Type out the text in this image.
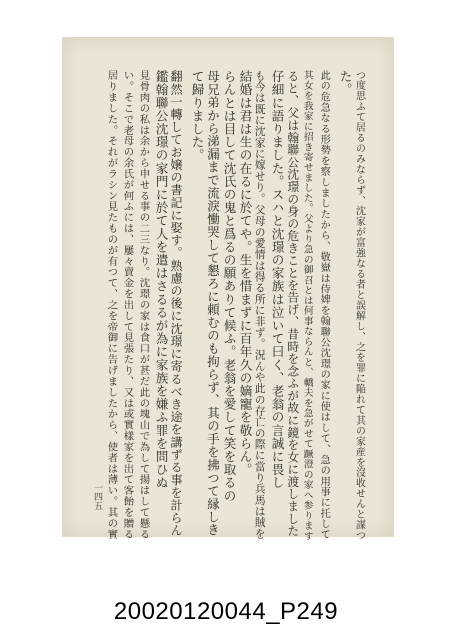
つ度思ふて居るのみならず、沈家が富強なる者と誤解し、之を罪に陥れて其の家産を沒收せんと謀つ
た。
此の危急なる形勢を察しましたから、敬嶽は侍婢を翰聯公沈璟の家に使はして、急の用事に托して
其女を我家に招き寄せました。父より急の御召とは何事ならんと、轎夫を急がせて蹶澄の家へ参ります
ると、父は翰聯公沈璟の身の危きことを告げ、昔時を念ふが故に鏡を女に渡しました
仔細に語りました。スハと沈璟の家族は泣いて曰く、老翁の言誠に畏し
も今は既に沈家に嫁せり。父母の愛情は得る所に非ず。況んや此の存亡の際に當り兵馬は賊を
結婚は君は生の在るに於てや。生を惜まずに百年久の嫡寵を敬らん。
らんとは目して沈氏の鬼と爲るの願ありて候ふ。老翁を愛して笑を取るの
母兄弟から涕漏まで流淚慟哭して懇ろに頼むのも拘らず、其の手を拂つて縁しき
て歸りました。
翻然一轉してお嬢の書記に娶す。熟慮の後に沈璟に寄るべき途を講ずる事を計らん
鑑翰聯公沈璟の家門に於て人を遣はさるるが為に家族を嫌ふ罪を問ひぬ
見骨肉の私は余から申せる事の二三なり。沈璟の家は食口が甚だ此の塊山で為して揚はして懸る
い。そこで老母の余氏が何ふには、屢々賣金を出して見張たり、又は或實樣家を出て客飴を贈る
居りました。それがラシン見たものが有つて、之を帝御に告げましたから、使者は薄い。其の實
一四五
20020120044_P249
